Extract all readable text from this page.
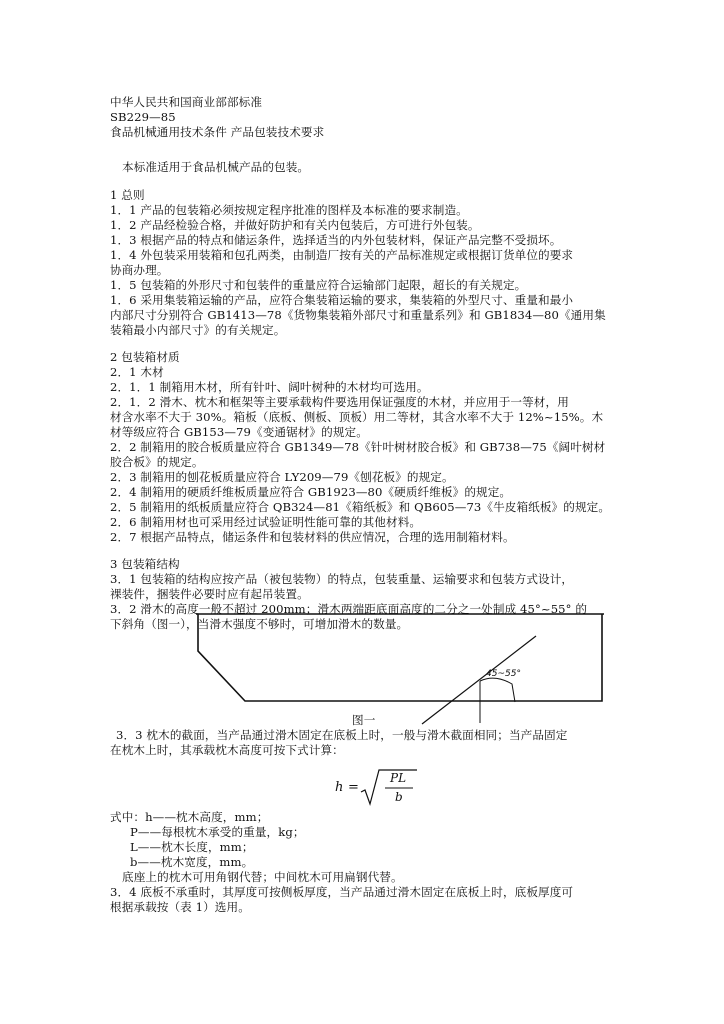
中华人民共和国商业部部标准
SB229—85
食品机械通用技术条件 产品包装技术要求
本标准适用于食品机械产品的包装。
1 总则
1．1 产品的包装箱必须按规定程序批准的图样及本标准的要求制造。
1．2 产品经检验合格，并做好防护和有关内包装后，方可进行外包装。
1．3 根据产品的特点和储运条件，选择适当的内外包装材料，保证产品完整不受损坏。
1．4 外包装采用装箱和包孔两类，由制造厂按有关的产品标准规定或根据订货单位的要求
协商办理。
1．5 包装箱的外形尺寸和包装件的重量应符合运输部门起限，超长的有关规定。
1．6 采用集装箱运输的产品，应符合集装箱运输的要求，集装箱的外型尺寸、重量和最小
内部尺寸分别符合 GB1413—78《货物集装箱外部尺寸和重量系列》和 GB1834—80《通用集
装箱最小内部尺寸》的有关规定。
2 包装箱材质
2．1 木材
2．1．1 制箱用木材，所有针叶、阔叶树种的木材均可选用。
2．1．2 滑木、枕木和框架等主要承载构件要选用保证强度的木材，并应用于一等材，用
材含水率不大于 30%。箱板（底板、侧板、顶板）用二等材，其含水率不大于 12%~15%。木
材等级应符合 GB153—79《变通锯材》的规定。
2．2 制箱用的胶合板质量应符合 GB1349—78《针叶树材胶合板》和 GB738—75《阔叶树材
胶合板》的规定。
2．3 制箱用的刨花板质量应符合 LY209—79《刨花板》的规定。
2．4 制箱用的硬质纤维板质量应符合 GB1923—80《硬质纤维板》的规定。
2．5 制箱用的纸板质量应符合 QB324—81《箱纸板》和 QB605—73《牛皮箱纸板》的规定。
2．6 制箱用材也可采用经过试验证明性能可靠的其他材料。
2．7 根据产品特点，储运条件和包装材料的供应情况，合理的选用制箱材料。
3 包装箱结构
3．1 包装箱的结构应按产品（被包装物）的特点，包装重量、运输要求和包装方式设计，
裸装件，捆装件必要时应有起吊装置。
3．2 滑木的高度一般不超过 200mm；滑木两端距底面高度的二分之一处制成 45°~55° 的
下斜角（图一），当滑木强度不够时，可增加滑木的数量。
45~55°
图一
3．3 枕木的截面，当产品通过滑木固定在底板上时，一般与滑木截面相同；当产品固定
在枕木上时，其承载枕木高度可按下式计算：
h =
PL
b
式中：h——枕木高度，mm；
P——每根枕木承受的重量，kg；
L——枕木长度，mm；
b——枕木宽度，mm。
底座上的枕木可用角钢代替；中间枕木可用扁钢代替。
3．4 底板不承重时，其厚度可按侧板厚度，当产品通过滑木固定在底板上时，底板厚度可
根据承载按（表 1）选用。
